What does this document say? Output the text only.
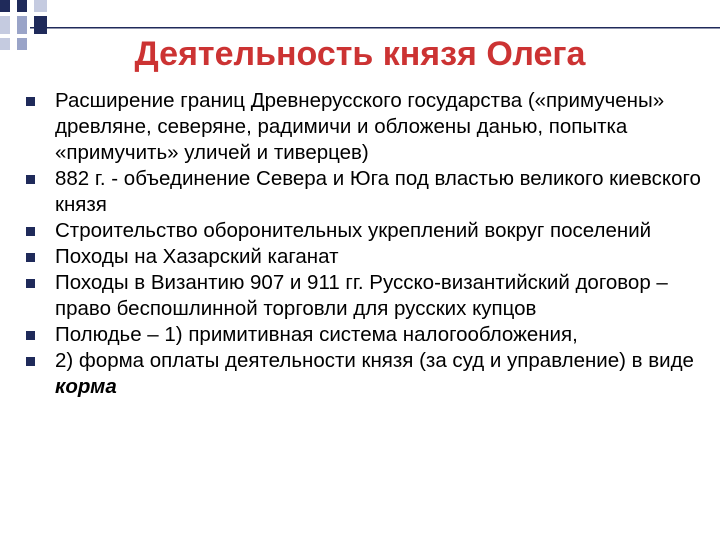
Деятельность князя Олега
Расширение границ Древнерусского государства («примучены» древляне, северяне, радимичи и обложены данью, попытка «примучить» уличей и тиверцев)
882 г. - объединение Севера и Юга под властью великого киевского князя
Строительство оборонительных укреплений вокруг поселений
Походы на Хазарский каганат
Походы в Византию 907 и 911 гг. Русско-византийский договор – право беспошлинной торговли для русских купцов
Полюдье – 1) примитивная система налогообложения,
2) форма оплаты деятельности князя (за суд и управление) в виде корма
